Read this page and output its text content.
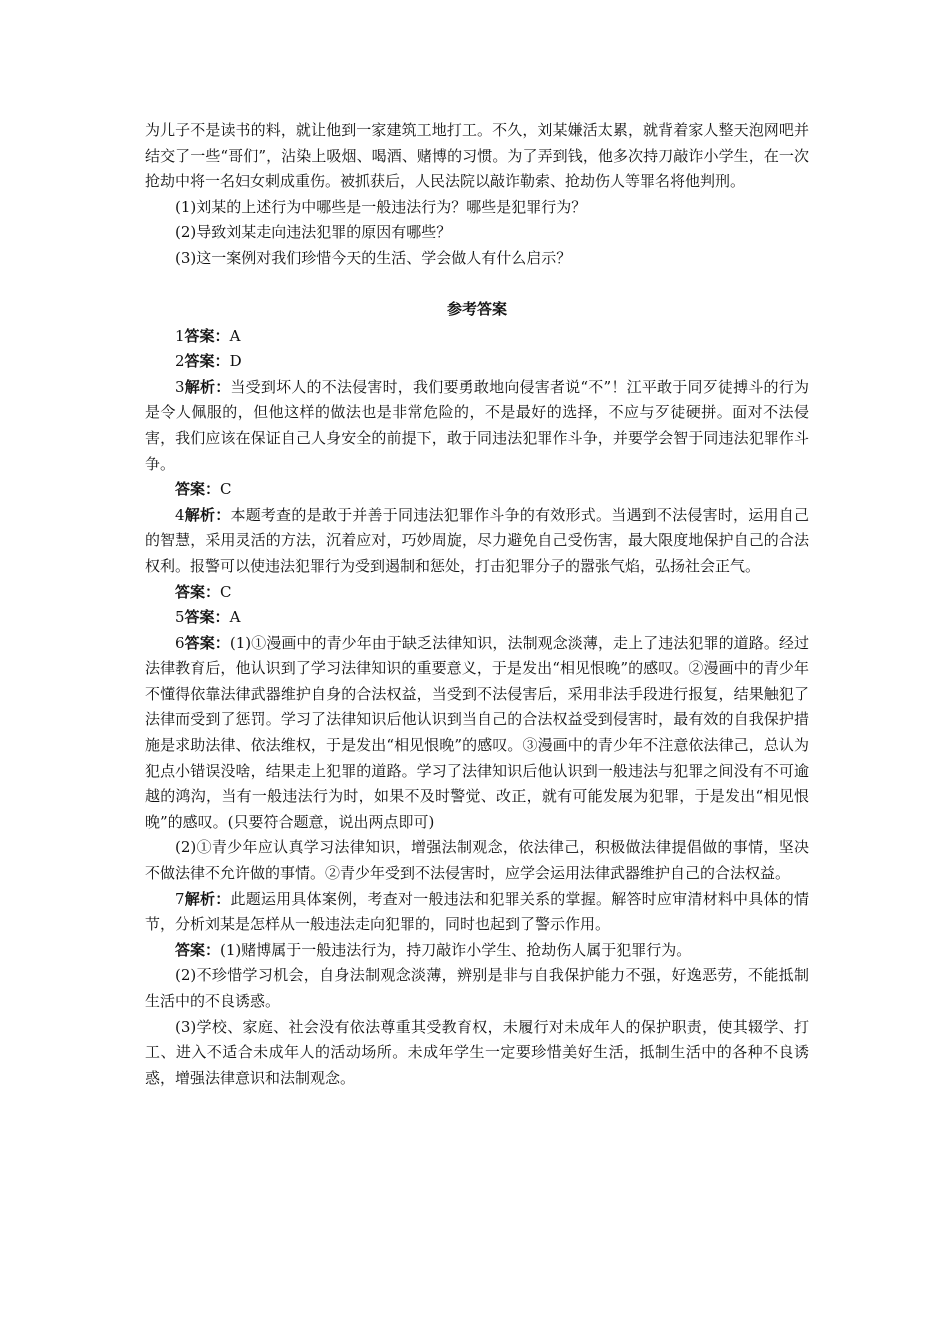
为儿子不是读书的料，就让他到一家建筑工地打工。不久，刘某嫌活太累，就背着家人整天泡网吧并结交了一些“哥们”，沾染上吸烟、喝酒、赌博的习惯。为了弄到钱，他多次持刀敲诈小学生，在一次抢劫中将一名妇女刺成重伤。被抓获后，人民法院以敲诈勒索、抢劫伤人等罪名将他判刑。

(1)刘某的上述行为中哪些是一般违法行为？哪些是犯罪行为？

(2)导致刘某走向违法犯罪的原因有哪些？

(3)这一案例对我们珍惜今天的生活、学会做人有什么启示？

参考答案

1答案：A

2答案：D

3解析：当受到坏人的不法侵害时，我们要勇敢地向侵害者说“不”！江平敢于同歹徒搏斗的行为是令人佩服的，但他这样的做法也是非常危险的，不是最好的选择，不应与歹徒硬拼。面对不法侵害，我们应该在保证自己人身安全的前提下，敢于同违法犯罪作斗争，并要学会智于同违法犯罪作斗争。

答案：C

4解析：本题考查的是敢于并善于同违法犯罪作斗争的有效形式。当遇到不法侵害时，运用自己的智慧，采用灵活的方法，沉着应对，巧妙周旋，尽力避免自己受伤害，最大限度地保护自己的合法权利。报警可以使违法犯罪行为受到遏制和惩处，打击犯罪分子的嚣张气焰，弘扬社会正气。

答案：C

5答案：A

6答案：(1)①漫画中的青少年由于缺乏法律知识，法制观念淡薄，走上了违法犯罪的道路。经过法律教育后，他认识到了学习法律知识的重要意义，于是发出“相见恨晚”的感叹。②漫画中的青少年不懂得依靠法律武器维护自身的合法权益，当受到不法侵害后，采用非法手段进行报复，结果触犯了法律而受到了惩罚。学习了法律知识后他认识到当自己的合法权益受到侵害时，最有效的自我保护措施是求助法律、依法维权，于是发出“相见恨晚”的感叹。③漫画中的青少年不注意依法律己，总认为犯点小错误没啥，结果走上犯罪的道路。学习了法律知识后他认识到一般违法与犯罪之间没有不可逾越的鸿沟，当有一般违法行为时，如果不及时警觉、改正，就有可能发展为犯罪，于是发出“相见恨晚”的感叹。(只要符合题意，说出两点即可)

(2)①青少年应认真学习法律知识，增强法制观念，依法律己，积极做法律提倡做的事情，坚决不做法律不允许做的事情。②青少年受到不法侵害时，应学会运用法律武器维护自己的合法权益。

7解析：此题运用具体案例，考查对一般违法和犯罪关系的掌握。解答时应审清材料中具体的情节，分析刘某是怎样从一般违法走向犯罪的，同时也起到了警示作用。

答案：(1)赌博属于一般违法行为，持刀敲诈小学生、抢劫伤人属于犯罪行为。

(2)不珍惜学习机会，自身法制观念淡薄，辨别是非与自我保护能力不强，好逸恶劳，不能抵制生活中的不良诱惑。

(3)学校、家庭、社会没有依法尊重其受教育权，未履行对未成年人的保护职责，使其辍学、打工、进入不适合未成年人的活动场所。未成年学生一定要珍惜美好生活，抵制生活中的各种不良诱惑，增强法律意识和法制观念。
